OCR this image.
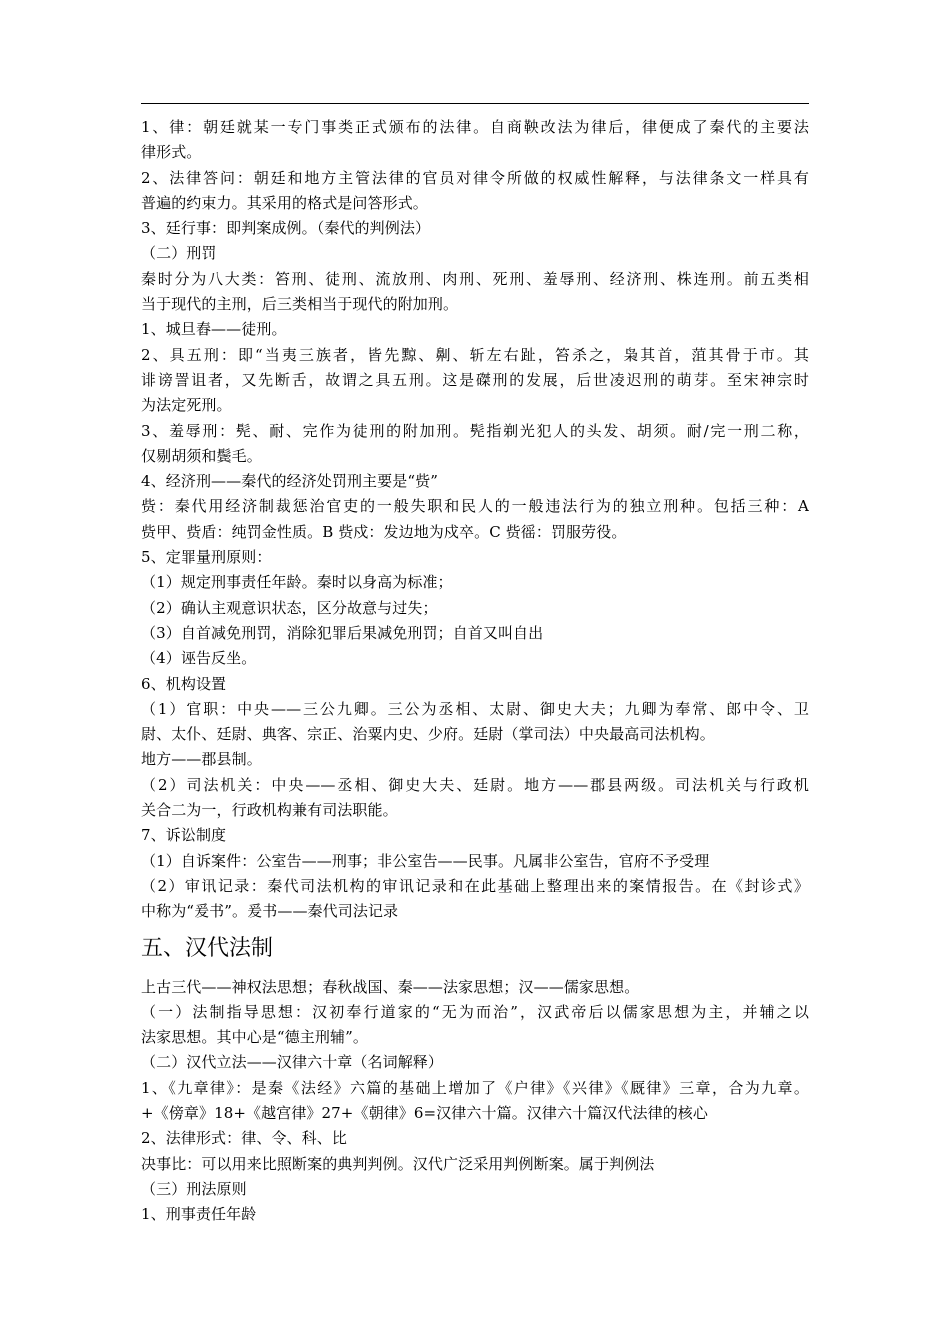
1、律：朝廷就某一专门事类正式颁布的法律。自商鞅改法为律后，律便成了秦代的主要法
律形式。
2、法律答问：朝廷和地方主管法律的官员对律令所做的权威性解释，与法律条文一样具有
普遍的约束力。其采用的格式是问答形式。
3、廷行事：即判案成例。（秦代的判例法）
（二）刑罚
秦时分为八大类：笞刑、徒刑、流放刑、肉刑、死刑、羞辱刑、经济刑、株连刑。前五类相
当于现代的主刑，后三类相当于现代的附加刑。
1、城旦舂——徒刑。
2、具五刑：即“当夷三族者，皆先黥、劓、斩左右趾，笞杀之，枭其首，菹其骨于市。其
诽谤詈诅者，又先断舌，故谓之具五刑。这是磔刑的发展，后世凌迟刑的萌芽。至宋神宗时
为法定死刑。
3、羞辱刑：髡、耐、完作为徒刑的附加刑。髡指剃光犯人的头发、胡须。耐/完一刑二称，
仅剔胡须和鬓毛。
4、经济刑——秦代的经济处罚刑主要是“赀”
赀：秦代用经济制裁惩治官吏的一般失职和民人的一般违法行为的独立刑种。包括三种：A
赀甲、赀盾：纯罚金性质。B 赀戍：发边地为戍卒。C 赀徭：罚服劳役。
5、定罪量刑原则：
（1）规定刑事责任年龄。秦时以身高为标准；
（2）确认主观意识状态，区分故意与过失；
（3）自首减免刑罚，消除犯罪后果减免刑罚；自首又叫自出
（4）诬告反坐。
6、机构设置
（1）官职：中央——三公九卿。三公为丞相、太尉、御史大夫；九卿为奉常、郎中令、卫
尉、太仆、廷尉、典客、宗正、治粟内史、少府。廷尉（掌司法）中央最高司法机构。
地方——郡县制。
（2）司法机关：中央——丞相、御史大夫、廷尉。地方——郡县两级。司法机关与行政机
关合二为一，行政机构兼有司法职能。
7、诉讼制度
（1）自诉案件：公室告——刑事；非公室告——民事。凡属非公室告，官府不予受理
（2）审讯记录：秦代司法机构的审讯记录和在此基础上整理出来的案情报告。在《封诊式》
中称为“爰书”。爰书——秦代司法记录
五、汉代法制
上古三代——神权法思想；春秋战国、秦——法家思想；汉——儒家思想。
（一）法制指导思想：汉初奉行道家的“无为而治”，汉武帝后以儒家思想为主，并辅之以
法家思想。其中心是“德主刑辅”。
（二）汉代立法——汉律六十章（名词解释）
1、《九章律》：是秦《法经》六篇的基础上增加了《户律》《兴律》《厩律》三章，合为九章。
+《傍章》18+《越宫律》27+《朝律》6=汉律六十篇。汉律六十篇汉代法律的核心
2、法律形式：律、令、科、比
决事比：可以用来比照断案的典判判例。汉代广泛采用判例断案。属于判例法
（三）刑法原则
1、刑事责任年龄
